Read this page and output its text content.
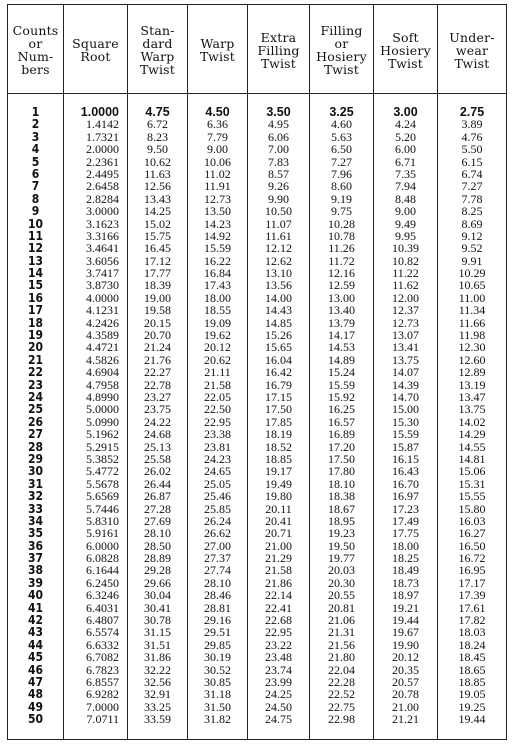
Counts
or
Num-
bers
Square
Root
Stan-
dard
Warp
Twist
Warp
Twist
Extra
Filling
Twist
Filling
or
Hosiery
Twist
Soft
Hosiery
Twist
Under-
wear
Twist
1
2
3
4
5
6
7
8
9
10
11
12
13
14
15
16
17
18
19
20
21
22
23
24
25
26
27
28
29
30
31
32
33
34
35
36
37
38
39
40
41
42
43
44
45
46
47
48
49
50
1.0000
1.4142
1.7321
2.0000
2.2361
2.4495
2.6458
2.8284
3.0000
3.1623
3.3166
3.4641
3.6056
3.7417
3.8730
4.0000
4.1231
4.2426
4.3589
4.4721
4.5826
4.6904
4.7958
4.8990
5.0000
5.0990
5.1962
5.2915
5.3852
5.4772
5.5678
5.6569
5.7446
5.8310
5.9161
6.0000
6.0828
6.1644
6.2450
6.3246
6.4031
6.4807
6.5574
6.6332
6.7082
6.7823
6.8557
6.9282
7.0000
7.0711
4.75
6.72
8.23
9.50
10.62
11.63
12.56
13.43
14.25
15.02
15.75
16.45
17.12
17.77
18.39
19.00
19.58
20.15
20.70
21.24
21.76
22.27
22.78
23.27
23.75
24.22
24.68
25.13
25.58
26.02
26.44
26.87
27.28
27.69
28.10
28.50
28.89
29.28
29.66
30.04
30.41
30.78
31.15
31.51
31.86
32.22
32.56
32.91
33.25
33.59
4.50
6.36
7.79
9.00
10.06
11.02
11.91
12.73
13.50
14.23
14.92
15.59
16.22
16.84
17.43
18.00
18.55
19.09
19.62
20.12
20.62
21.11
21.58
22.05
22.50
22.95
23.38
23.81
24.23
24.65
25.05
25.46
25.85
26.24
26.62
27.00
27.37
27.74
28.10
28.46
28.81
29.16
29.51
29.85
30.19
30.52
30.85
31.18
31.50
31.82
3.50
4.95
6.06
7.00
7.83
8.57
9.26
9.90
10.50
11.07
11.61
12.12
12.62
13.10
13.56
14.00
14.43
14.85
15.26
15.65
16.04
16.42
16.79
17.15
17.50
17.85
18.19
18.52
18.85
19.17
19.49
19.80
20.11
20.41
20.71
21.00
21.29
21.58
21.86
22.14
22.41
22.68
22.95
23.22
23.48
23.74
23.99
24.25
24.50
24.75
3.25
4.60
5.63
6.50
7.27
7.96
8.60
9.19
9.75
10.28
10.78
11.26
11.72
12.16
12.59
13.00
13.40
13.79
14.17
14.53
14.89
15.24
15.59
15.92
16.25
16.57
16.89
17.20
17.50
17.80
18.10
18.38
18.67
18.95
19.23
19.50
19.77
20.03
20.30
20.55
20.81
21.06
21.31
21.56
21.80
22.04
22.28
22.52
22.75
22.98
3.00
4.24
5.20
6.00
6.71
7.35
7.94
8.48
9.00
9.49
9.95
10.39
10.82
11.22
11.62
12.00
12.37
12.73
13.07
13.41
13.75
14.07
14.39
14.70
15.00
15.30
15.59
15.87
16.15
16.43
16.70
16.97
17.23
17.49
17.75
18.00
18.25
18.49
18.73
18.97
19.21
19.44
19.67
19.90
20.12
20.35
20.57
20.78
21.00
21.21
2.75
3.89
4.76
5.50
6.15
6.74
7.27
7.78
8.25
8.69
9.12
9.52
9.91
10.29
10.65
11.00
11.34
11.66
11.98
12.30
12.60
12.89
13.19
13.47
13.75
14.02
14.29
14.55
14.81
15.06
15.31
15.55
15.80
16.03
16.27
16.50
16.72
16.95
17.17
17.39
17.61
17.82
18.03
18.24
18.45
18.65
18.85
19.05
19.25
19.44
